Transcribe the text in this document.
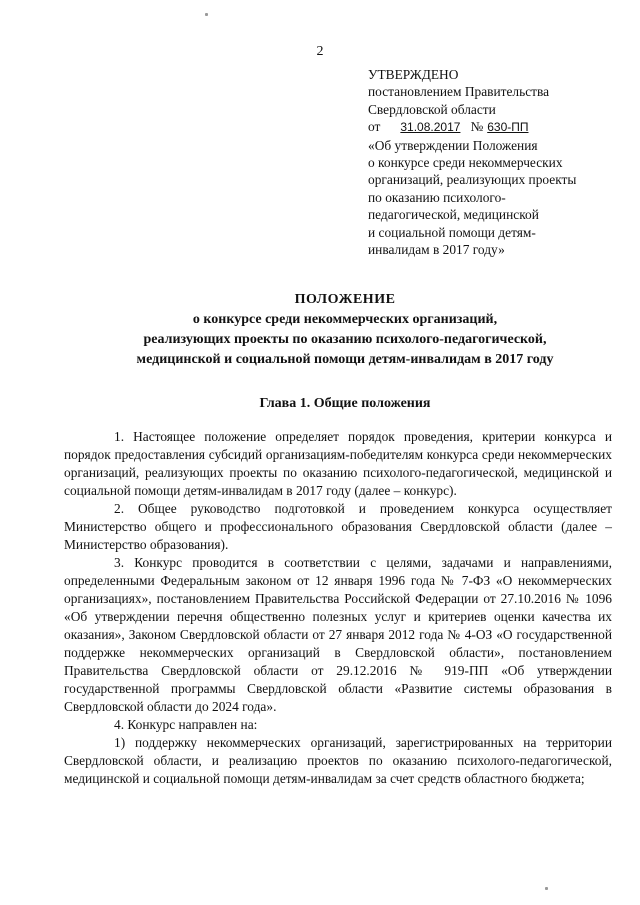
2
УТВЕРЖДЕНО
постановлением Правительства
Свердловской области
от	31.08.2017 № 630-ПП
«Об утверждении Положения
о конкурсе среди некоммерческих
организаций, реализующих проекты
по оказанию психолого-
педагогической, медицинской
и социальной помощи детям-
инвалидам в 2017 году»
ПОЛОЖЕНИЕ
о конкурсе среди некоммерческих организаций,
реализующих проекты по оказанию психолого-педагогической,
медицинской и социальной помощи детям-инвалидам в 2017 году
Глава 1. Общие положения

1. Настоящее положение определяет порядок проведения, критерии конкурса и порядок предоставления субсидий организациям-победителям конкурса среди некоммерческих организаций, реализующих проекты по оказанию психолого-педагогической, медицинской и социальной помощи детям-инвалидам в 2017 году (далее – конкурс).

2. Общее руководство подготовкой и проведением конкурса осуществляет Министерство общего и профессионального образования Свердловской области (далее – Министерство образования).

3. Конкурс проводится в соответствии с целями, задачами и направлениями, определенными Федеральным законом от 12 января 1996 года № 7-ФЗ «О некоммерческих организациях», постановлением Правительства Российской Федерации от 27.10.2016 № 1096 «Об утверждении перечня общественно полезных услуг и критериев оценки качества их оказания», Законом Свердловской области от 27 января 2012 года № 4-ОЗ «О государственной поддержке некоммерческих организаций в Свердловской области», постановлением Правительства Свердловской области от 29.12.2016 № 919-ПП «Об утверждении государственной программы Свердловской области «Развитие системы образования в Свердловской области до 2024 года».

4. Конкурс направлен на:

1) поддержку некоммерческих организаций, зарегистрированных на территории Свердловской области, и реализацию проектов по оказанию психолого-педагогической, медицинской и социальной помощи детям-инвалидам за счет средств областного бюджета;
